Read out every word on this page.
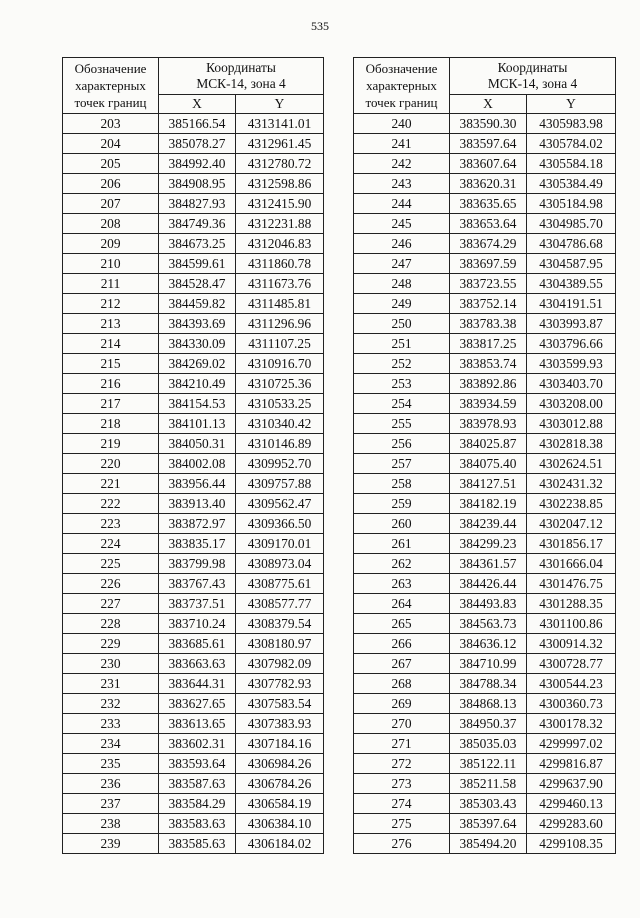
535
Обозначение
характерных
точек границ	Координаты
МСК-14, зона 4	
	X	Y
203	385166.54	4313141.01
204	385078.27	4312961.45
205	384992.40	4312780.72
206	384908.95	4312598.86
207	384827.93	4312415.90
208	384749.36	4312231.88
209	384673.25	4312046.83
210	384599.61	4311860.78
211	384528.47	4311673.76
212	384459.82	4311485.81
213	384393.69	4311296.96
214	384330.09	4311107.25
215	384269.02	4310916.70
216	384210.49	4310725.36
217	384154.53	4310533.25
218	384101.13	4310340.42
219	384050.31	4310146.89
220	384002.08	4309952.70
221	383956.44	4309757.88
222	383913.40	4309562.47
223	383872.97	4309366.50
224	383835.17	4309170.01
225	383799.98	4308973.04
226	383767.43	4308775.61
227	383737.51	4308577.77
228	383710.24	4308379.54
229	383685.61	4308180.97
230	383663.63	4307982.09
231	383644.31	4307782.93
232	383627.65	4307583.54
233	383613.65	4307383.93
234	383602.31	4307184.16
235	383593.64	4306984.26
236	383587.63	4306784.26
237	383584.29	4306584.19
238	383583.63	4306384.10
239	383585.63	4306184.02
Обозначение
характерных
точек границ	Координаты
МСК-14, зона 4	
	X	Y
240	383590.30	4305983.98
241	383597.64	4305784.02
242	383607.64	4305584.18
243	383620.31	4305384.49
244	383635.65	4305184.98
245	383653.64	4304985.70
246	383674.29	4304786.68
247	383697.59	4304587.95
248	383723.55	4304389.55
249	383752.14	4304191.51
250	383783.38	4303993.87
251	383817.25	4303796.66
252	383853.74	4303599.93
253	383892.86	4303403.70
254	383934.59	4303208.00
255	383978.93	4303012.88
256	384025.87	4302818.38
257	384075.40	4302624.51
258	384127.51	4302431.32
259	384182.19	4302238.85
260	384239.44	4302047.12
261	384299.23	4301856.17
262	384361.57	4301666.04
263	384426.44	4301476.75
264	384493.83	4301288.35
265	384563.73	4301100.86
266	384636.12	4300914.32
267	384710.99	4300728.77
268	384788.34	4300544.23
269	384868.13	4300360.73
270	384950.37	4300178.32
271	385035.03	4299997.02
272	385122.11	4299816.87
273	385211.58	4299637.90
274	385303.43	4299460.13
275	385397.64	4299283.60
276	385494.20	4299108.35
